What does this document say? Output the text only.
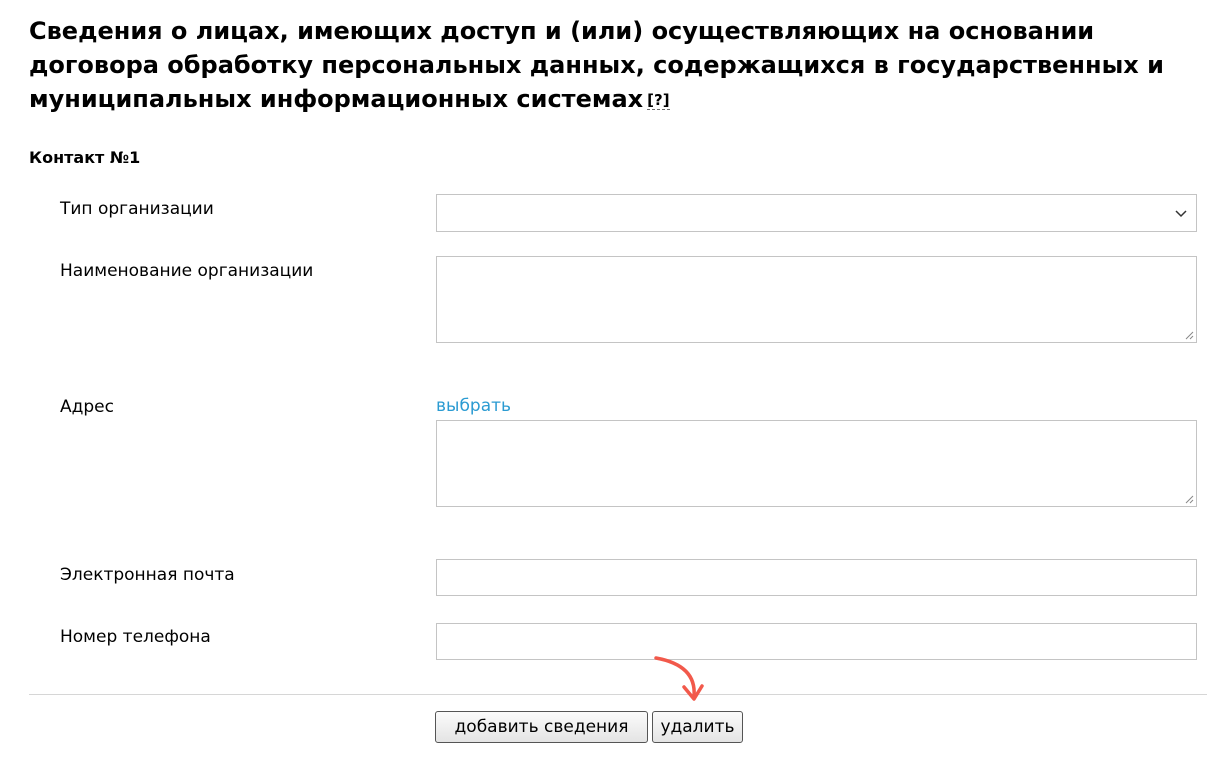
Сведения о лицах, имеющих доступ и (или) осуществляющих на основании договора обработку персональных данных, содержащихся в государственных и муниципальных информационных системах [?]
Контакт №1
Тип организации
Наименование организации
Адрес	выбрать
Электронная почта
Номер телефона
добавить сведения	удалить
